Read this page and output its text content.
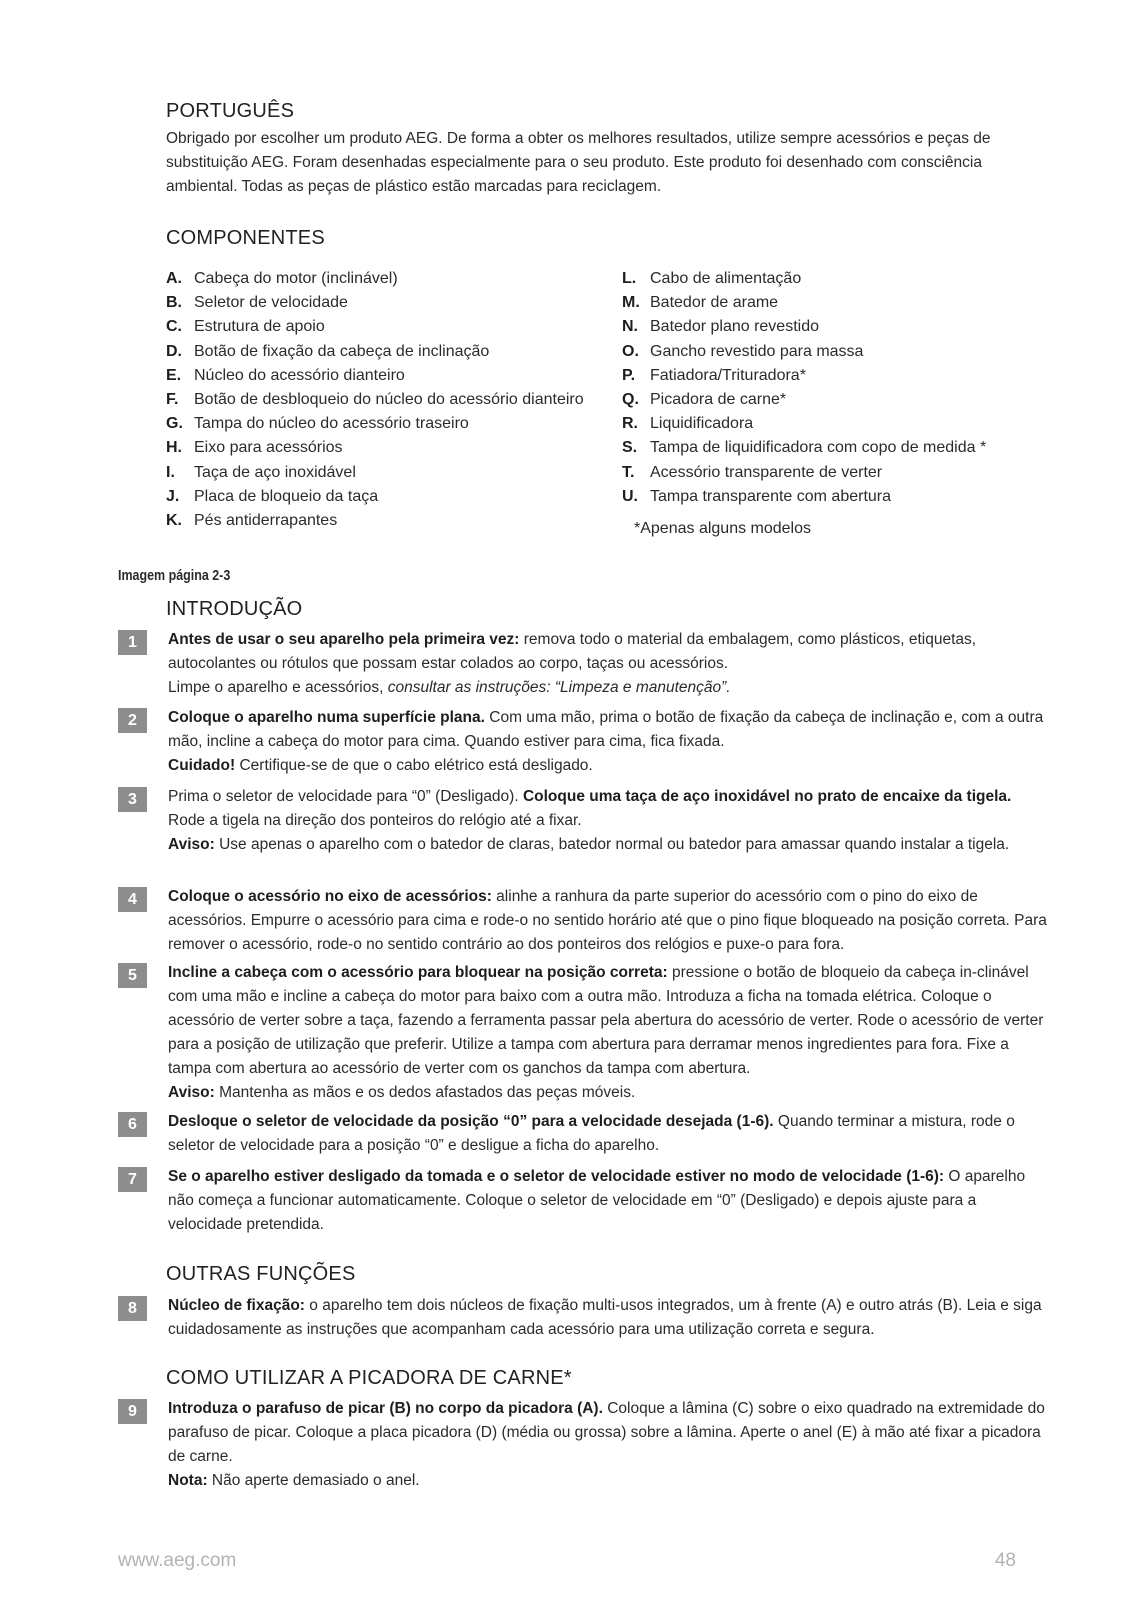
PORTUGUÊS

Obrigado por escolher um produto AEG. De forma a obter os melhores resultados, utilize sempre acessórios e peças de substituição AEG. Foram desenhadas especialmente para o seu produto. Este produto foi desenhado com consciência ambiental. Todas as peças de plástico estão marcadas para reciclagem.

COMPONENTES
A. Cabeça do motor (inclinável)
B. Seletor de velocidade
C. Estrutura de apoio
D. Botão de fixação da cabeça de inclinação
E. Núcleo do acessório dianteiro
F. Botão de desbloqueio do núcleo do acessório dianteiro
G. Tampa do núcleo do acessório traseiro
H. Eixo para acessórios
I. Taça de aço inoxidável
J. Placa de bloqueio da taça
K. Pés antiderrapantes
L. Cabo de alimentação
M. Batedor de arame
N. Batedor plano revestido
O. Gancho revestido para massa
P. Fatiadora/Trituradora*
Q. Picadora de carne*
R. Liquidificadora
S. Tampa de liquidificadora com copo de medida *
T. Acessório transparente de verter
U. Tampa transparente com abertura

*Apenas alguns modelos

Imagem página 2-3

INTRODUÇÃO
1	Antes de usar o seu aparelho pela primeira vez: remova todo o material da embalagem, como plásticos, etiquetas, autocolantes ou rótulos que possam estar colados ao corpo, taças ou acessórios.
Limpe o aparelho e acessórios, consultar as instruções: “Limpeza e manutenção”.
2	Coloque o aparelho numa superfície plana. Com uma mão, prima o botão de fixação da cabeça de inclinação e, com a outra mão, incline a cabeça do motor para cima. Quando estiver para cima, fica fixada.
Cuidado! Certifique-se de que o cabo elétrico está desligado.
3	Prima o seletor de velocidade para “0” (Desligado). Coloque uma taça de aço inoxidável no prato de encaixe da tigela. Rode a tigela na direção dos ponteiros do relógio até a fixar.
Aviso: Use apenas o aparelho com o batedor de claras, batedor normal ou batedor para amassar quando instalar a tigela.
4	Coloque o acessório no eixo de acessórios: alinhe a ranhura da parte superior do acessório com o pino do eixo de acessórios. Empurre o acessório para cima e rode-o no sentido horário até que o pino fique bloqueado na posição correta. Para remover o acessório, rode-o no sentido contrário ao dos ponteiros dos relógios e puxe-o para fora.
5	Incline a cabeça com o acessório para bloquear na posição correta: pressione o botão de bloqueio da cabeça in-clinável com uma mão e incline a cabeça do motor para baixo com a outra mão. Introduza a ficha na tomada elétrica. Coloque o acessório de verter sobre a taça, fazendo a ferramenta passar pela abertura do acessório de verter. Rode o acessório de verter para a posição de utilização que preferir. Utilize a tampa com abertura para derramar menos ingredientes para fora. Fixe a tampa com abertura ao acessório de verter com os ganchos da tampa com abertura.
Aviso: Mantenha as mãos e os dedos afastados das peças móveis.
6	Desloque o seletor de velocidade da posição “0” para a velocidade desejada (1-6). Quando terminar a mistura, rode o seletor de velocidade para a posição “0” e desligue a ficha do aparelho.
7	Se o aparelho estiver desligado da tomada e o seletor de velocidade estiver no modo de velocidade (1-6): O aparelho não começa a funcionar automaticamente. Coloque o seletor de velocidade em “0” (Desligado) e depois ajuste para a velocidade pretendida.
OUTRAS FUNÇÕES
8	Núcleo de fixação: o aparelho tem dois núcleos de fixação multi-usos integrados, um à frente (A) e outro atrás (B). Leia e siga cuidadosamente as instruções que acompanham cada acessório para uma utilização correta e segura.
COMO UTILIZAR A PICADORA DE CARNE*
9	Introduza o parafuso de picar (B) no corpo da picadora (A). Coloque a lâmina (C) sobre o eixo quadrado na extremidade do parafuso de picar. Coloque a placa picadora (D) (média ou grossa) sobre a lâmina. Aperte o anel (E) à mão até fixar a picadora de carne.
Nota: Não aperte demasiado o anel.

www.aeg.com	48
